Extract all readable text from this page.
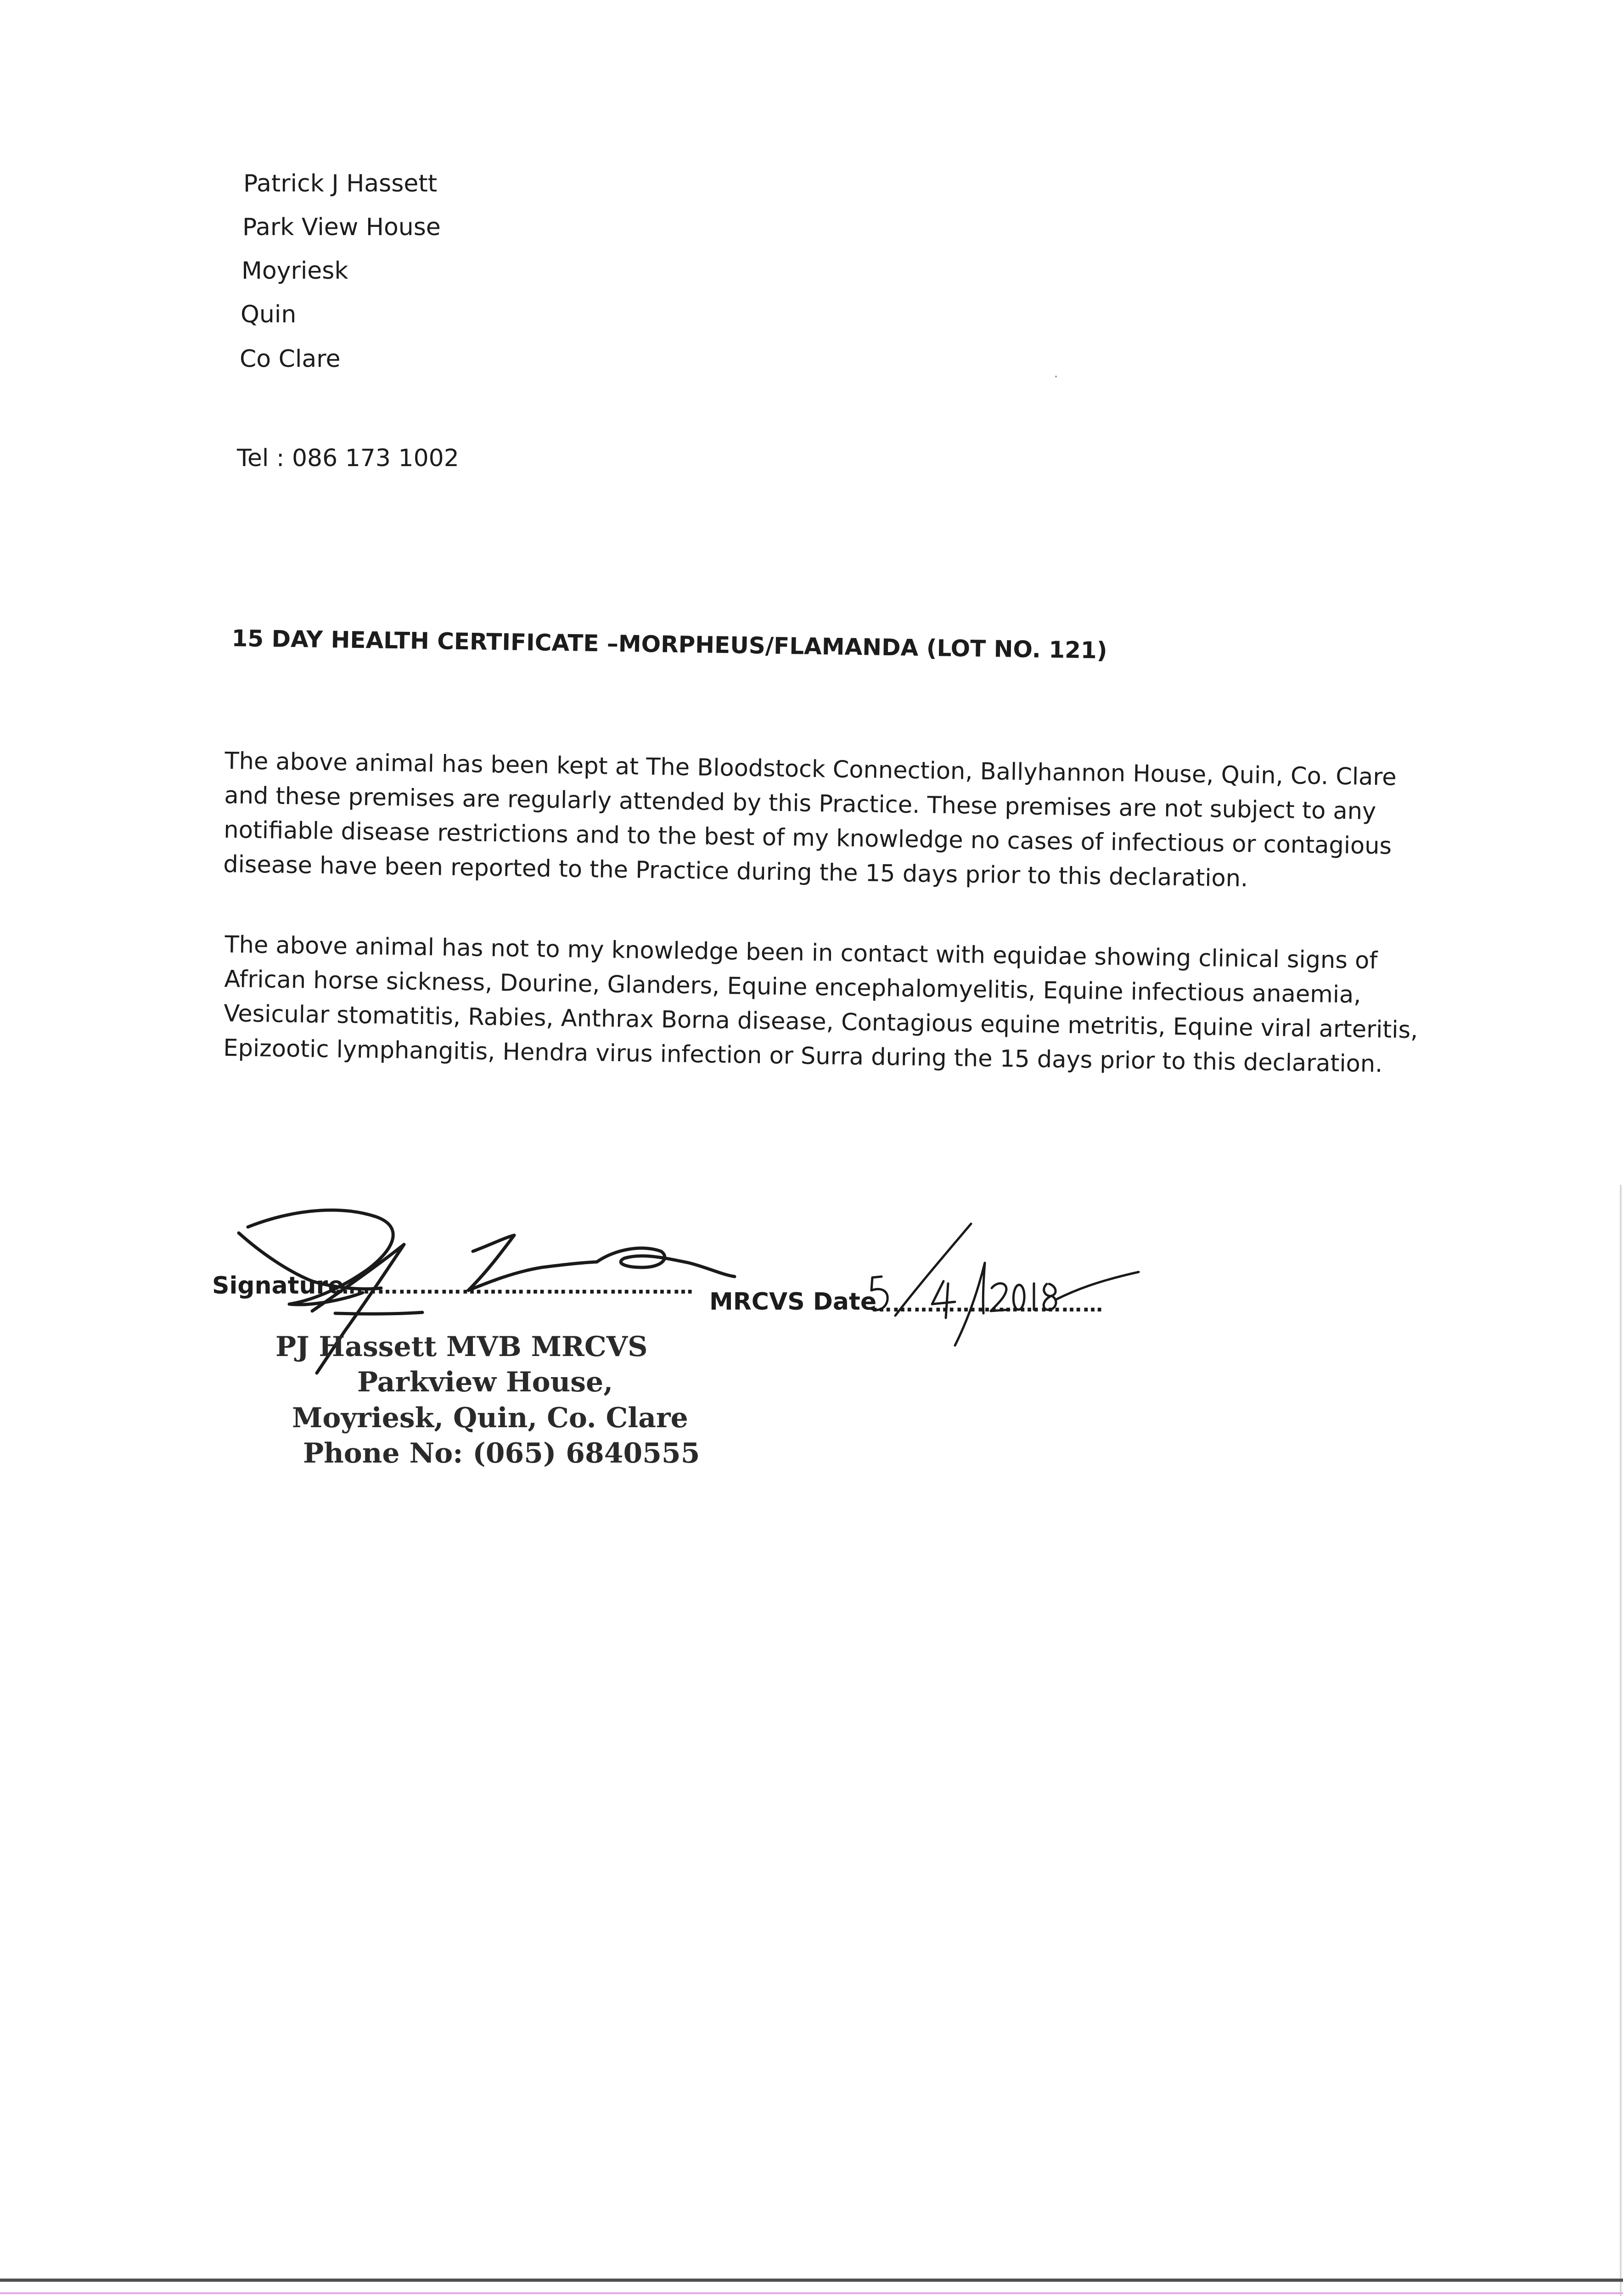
Patrick J Hassett
Park View House
Moyriesk
Quin
Co Clare
Tel : 086 173 1002
15 DAY HEALTH CERTIFICATE –MORPHEUS/FLAMANDA (LOT NO. 121)
The above animal has been kept at The Bloodstock Connection, Ballyhannon House, Quin, Co. Clare and these premises are regularly attended by this Practice. These premises are not subject to any notifiable disease restrictions and to the best of my knowledge no cases of infectious or contagious disease have been reported to the Practice during the 15 days prior to this declaration.
The above animal has not to my knowledge been in contact with equidae showing clinical signs of African horse sickness, Dourine, Glanders, Equine encephalomyelitis, Equine infectious anaemia, Vesicular stomatitis, Rabies, Anthrax Borna disease, Contagious equine metritis, Equine viral arteritis, Epizootic lymphangitis, Hendra virus infection or Surra during the 15 days prior to this declaration.
Signature
……………………………………………
MRCVS Date
……………………………
PJ Hassett MVB MRCVS
Parkview House,
Moyriesk, Quin, Co. Clare
Phone No: (065) 6840555
